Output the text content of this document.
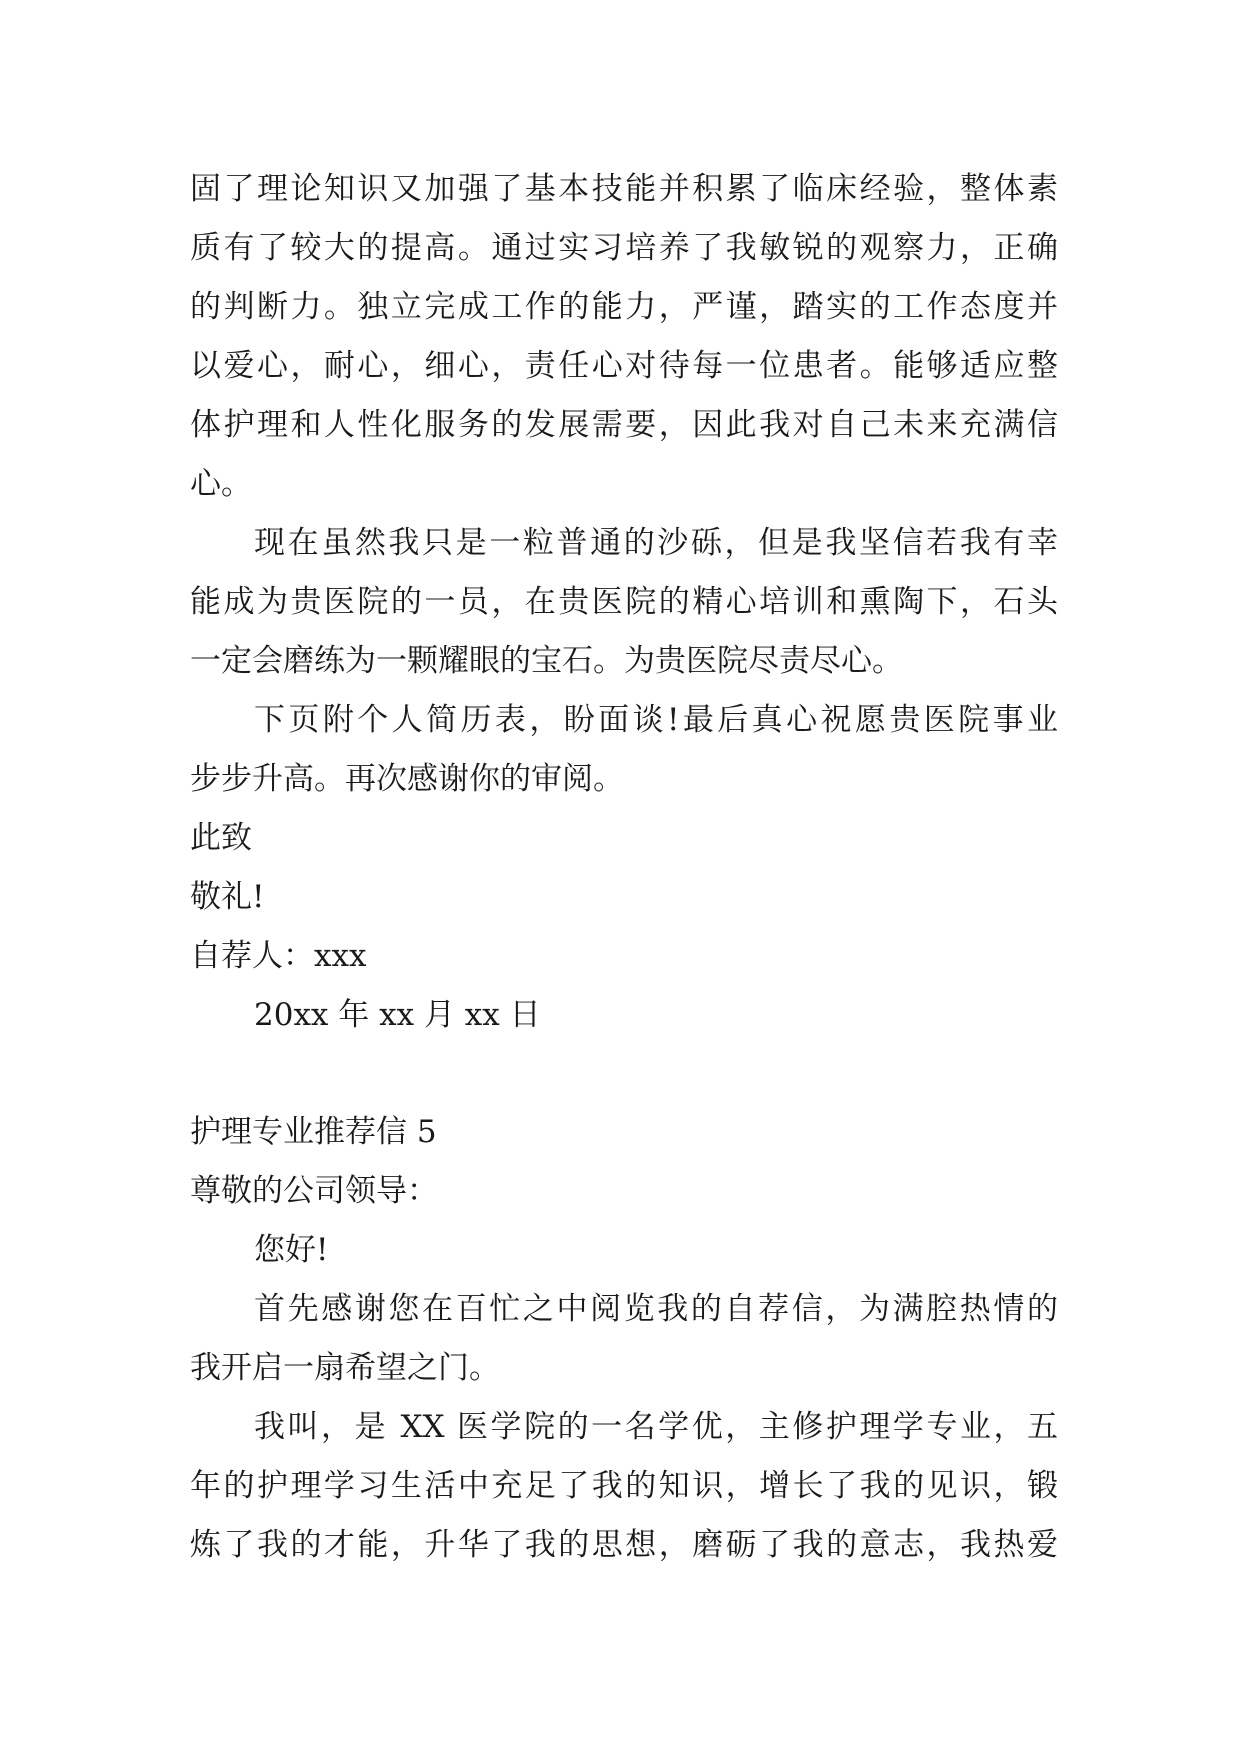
固了理论知识又加强了基本技能并积累了临床经验，整体素
质有了较大的提高。通过实习培养了我敏锐的观察力，正确
的判断力。独立完成工作的能力，严谨，踏实的工作态度并
以爱心，耐心，细心，责任心对待每一位患者。能够适应整
体护理和人性化服务的发展需要，因此我对自己未来充满信
心。
现在虽然我只是一粒普通的沙砾，但是我坚信若我有幸
能成为贵医院的一员，在贵医院的精心培训和熏陶下，石头
一定会磨练为一颗耀眼的宝石。为贵医院尽责尽心。
下页附个人简历表，盼面谈!最后真心祝愿贵医院事业
步步升高。再次感谢你的审阅。
此致
敬礼!
自荐人：xxx
20xx 年 xx 月 xx 日
护理专业推荐信 5
尊敬的公司领导：
您好!
首先感谢您在百忙之中阅览我的自荐信，为满腔热情的
我开启一扇希望之门。
我叫，是 XX 医学院的一名学优，主修护理学专业，五
年的护理学习生活中充足了我的知识，增长了我的见识，锻
炼了我的才能，升华了我的思想，磨砺了我的意志，我热爱
